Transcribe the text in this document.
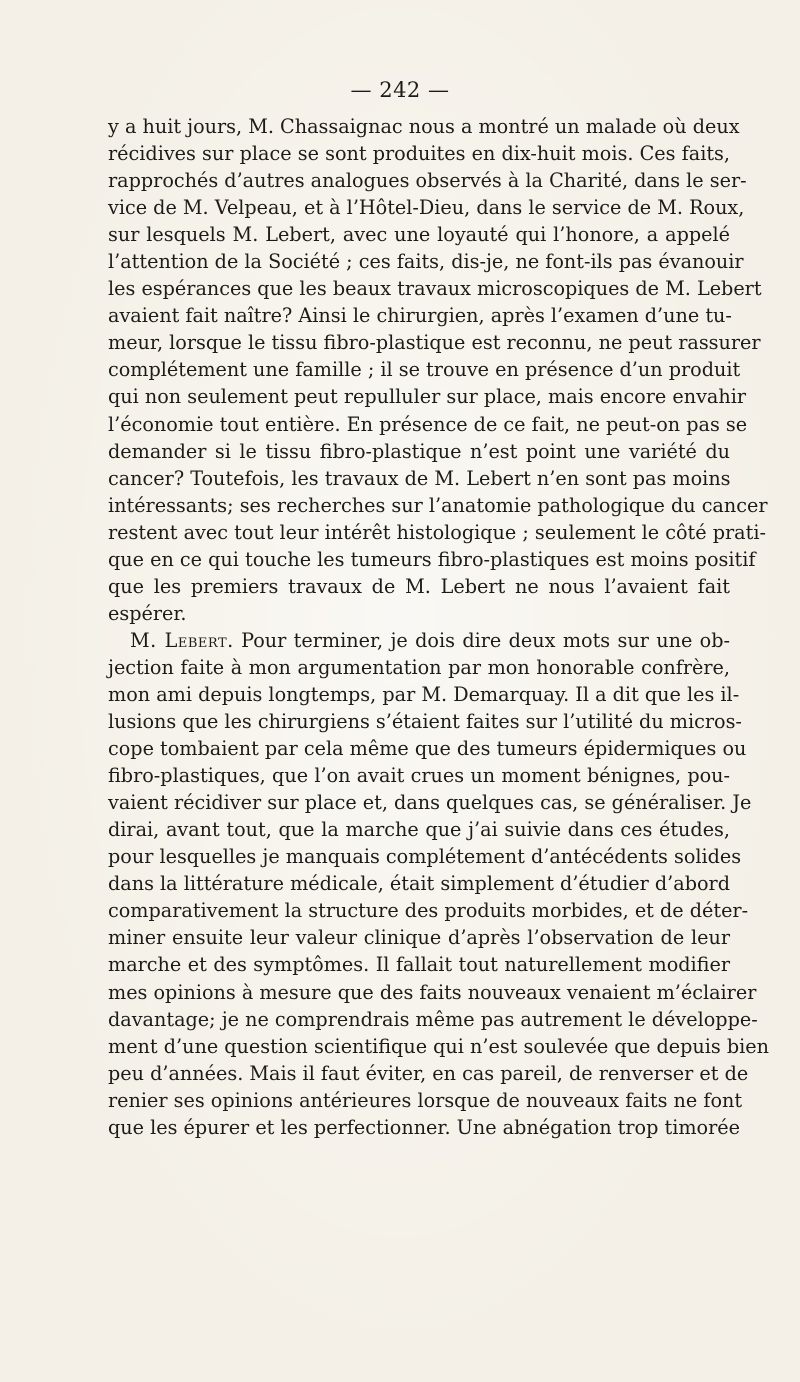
— 242 —
y a huit jours, M. Chassaignac nous a montré un malade où deux
récidives sur place se sont produites en dix-huit mois. Ces faits,
rapprochés d’autres analogues observés à la Charité, dans le ser-
vice de M. Velpeau, et à l’Hôtel-Dieu, dans le service de M. Roux,
sur lesquels M. Lebert, avec une loyauté qui l’honore, a appelé
l’attention de la Société ; ces faits, dis-je, ne font-ils pas évanouir
les espérances que les beaux travaux microscopiques de M. Lebert
avaient fait naître? Ainsi le chirurgien, après l’examen d’une tu-
meur, lorsque le tissu fibro-plastique est reconnu, ne peut rassurer
complétement une famille ; il se trouve en présence d’un produit
qui non seulement peut repulluler sur place, mais encore envahir
l’économie tout entière. En présence de ce fait, ne peut-on pas se
demander si le tissu fibro-plastique n’est point une variété du
cancer? Toutefois, les travaux de M. Lebert n’en sont pas moins
intéressants; ses recherches sur l’anatomie pathologique du cancer
restent avec tout leur intérêt histologique ; seulement le côté prati-
que en ce qui touche les tumeurs fibro-plastiques est moins positif
que les premiers travaux de M. Lebert ne nous l’avaient fait
espérer.
M. Lebert. Pour terminer, je dois dire deux mots sur une ob-
jection faite à mon argumentation par mon honorable confrère,
mon ami depuis longtemps, par M. Demarquay. Il a dit que les il-
lusions que les chirurgiens s’étaient faites sur l’utilité du micros-
cope tombaient par cela même que des tumeurs épidermiques ou
fibro-plastiques, que l’on avait crues un moment bénignes, pou-
vaient récidiver sur place et, dans quelques cas, se généraliser. Je
dirai, avant tout, que la marche que j’ai suivie dans ces études,
pour lesquelles je manquais complétement d’antécédents solides
dans la littérature médicale, était simplement d’étudier d’abord
comparativement la structure des produits morbides, et de déter-
miner ensuite leur valeur clinique d’après l’observation de leur
marche et des symptômes. Il fallait tout naturellement modifier
mes opinions à mesure que des faits nouveaux venaient m’éclairer
davantage; je ne comprendrais même pas autrement le développe-
ment d’une question scientifique qui n’est soulevée que depuis bien
peu d’années. Mais il faut éviter, en cas pareil, de renverser et de
renier ses opinions antérieures lorsque de nouveaux faits ne font
que les épurer et les perfectionner. Une abnégation trop timorée
